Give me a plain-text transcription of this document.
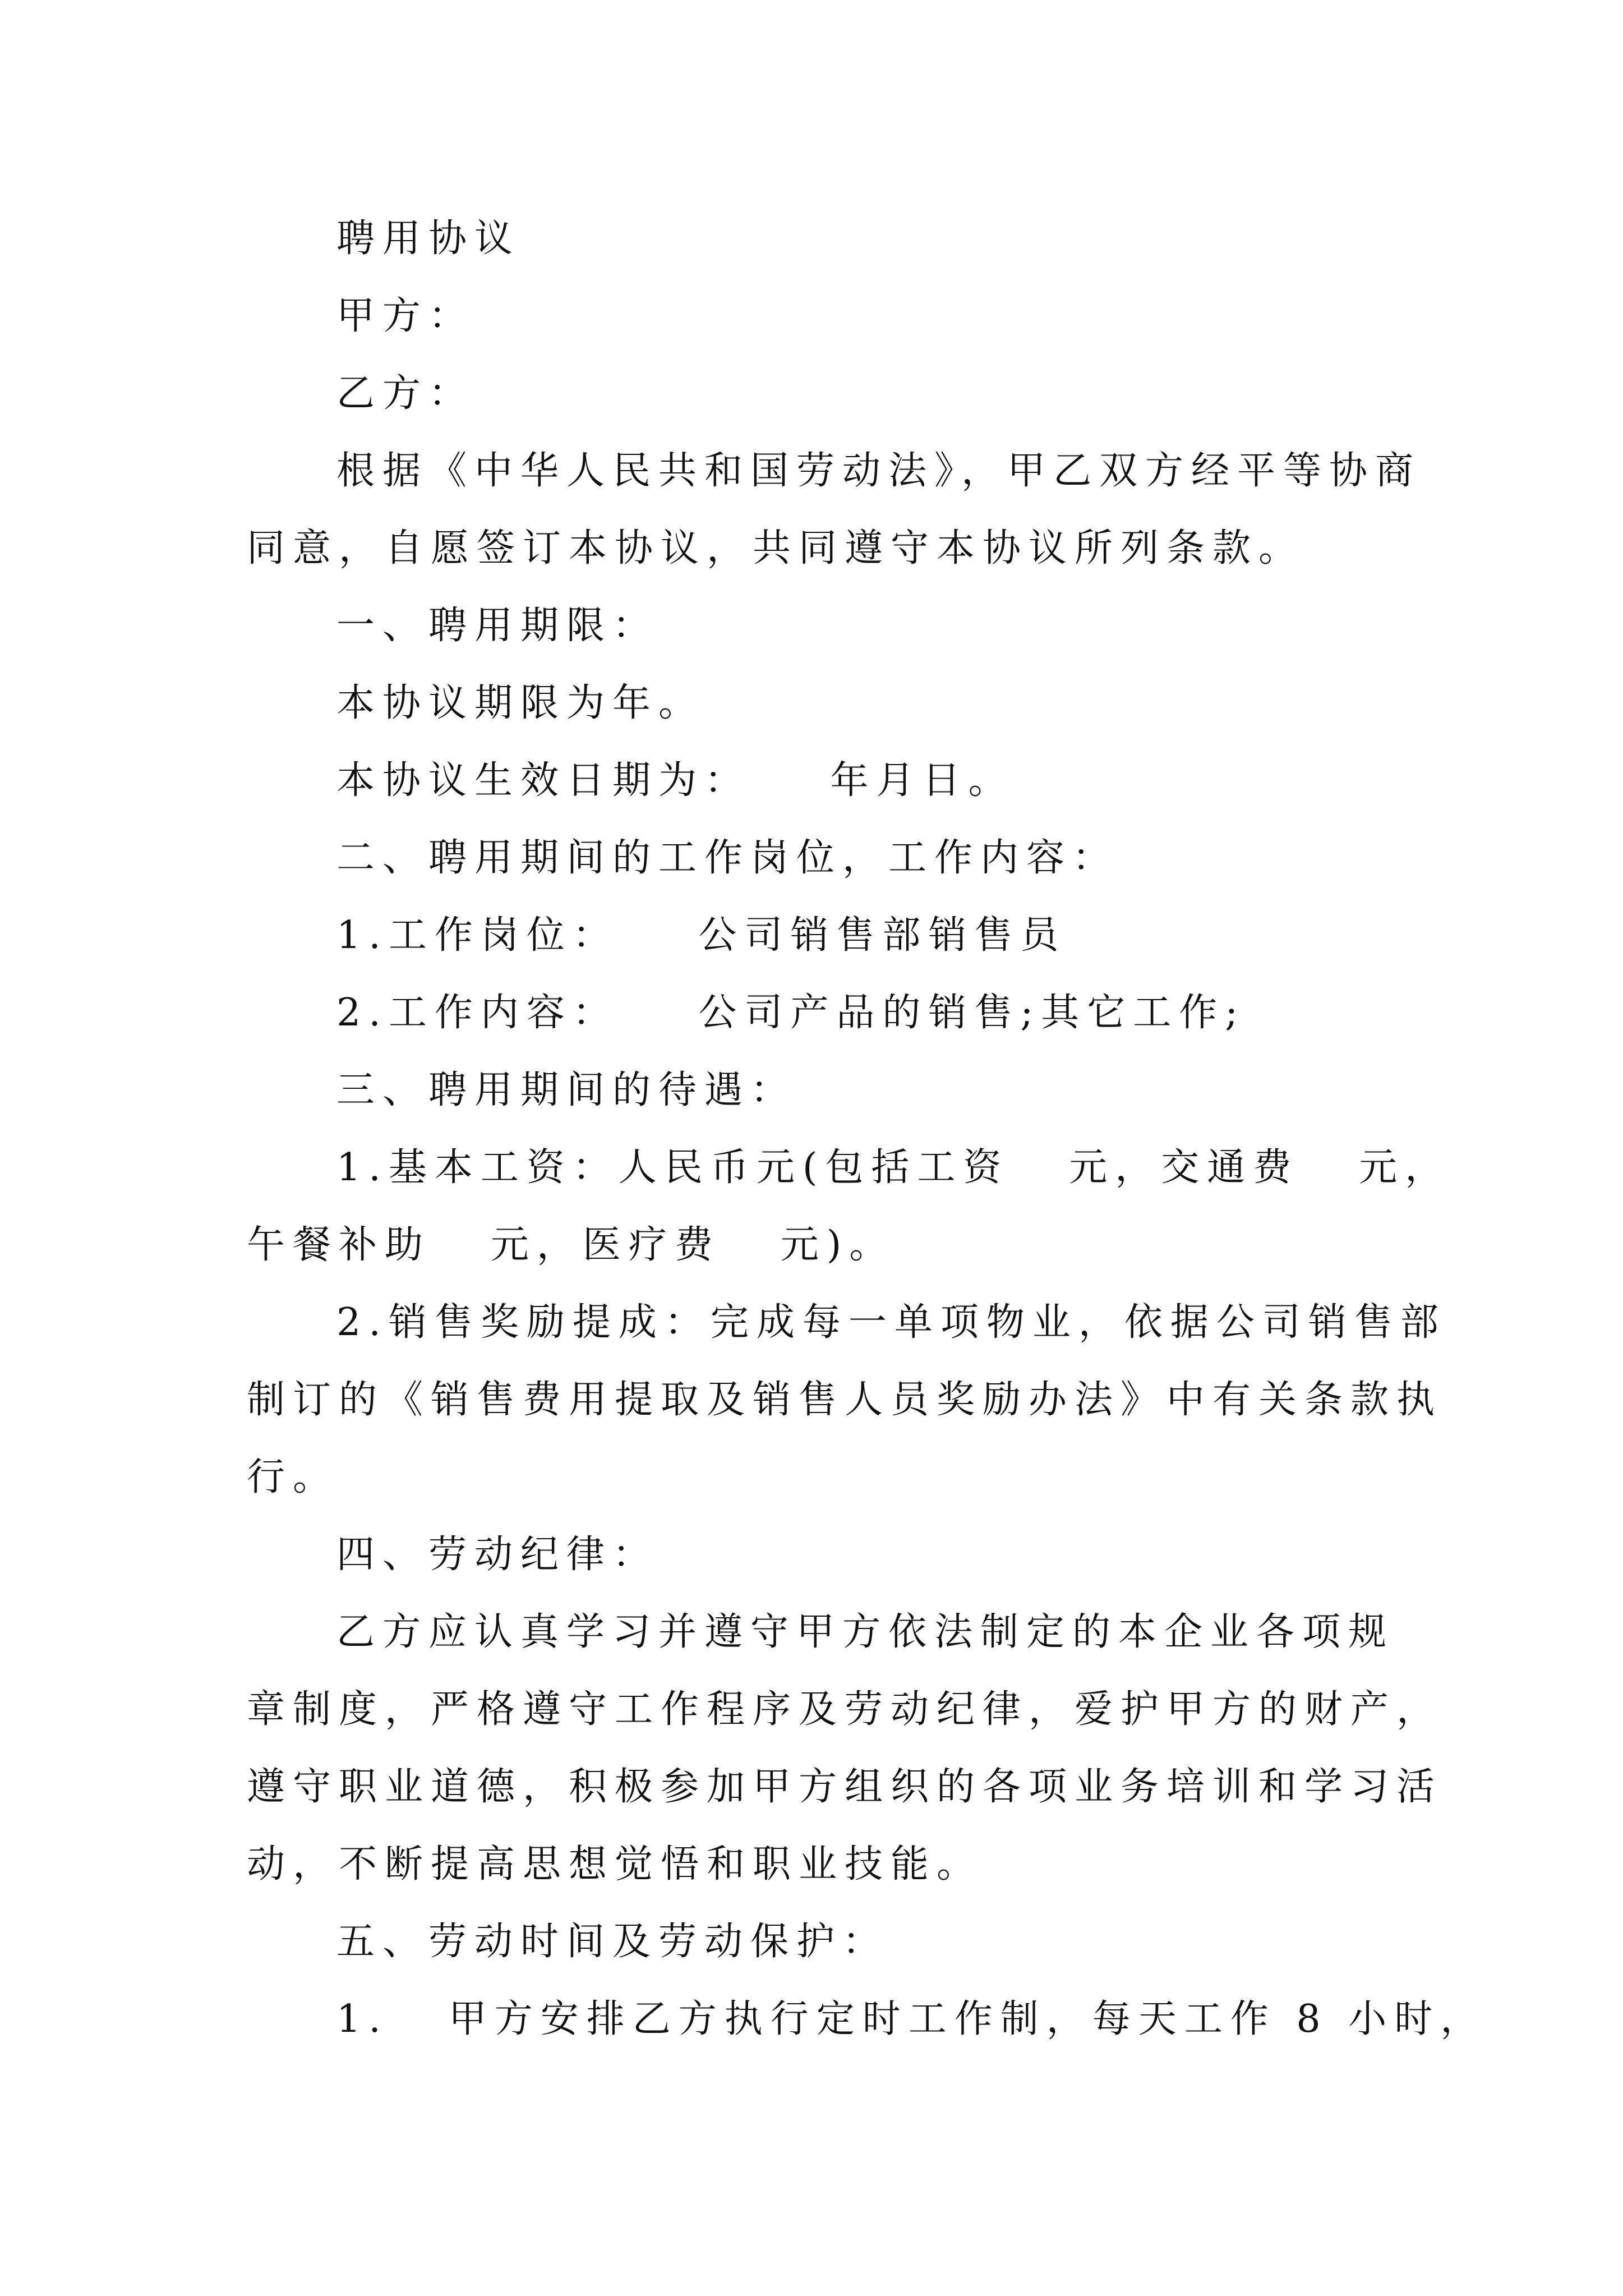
聘用协议
甲方：
乙方：
根据《中华人民共和国劳动法》，甲乙双方经平等协商
同意，自愿签订本协议，共同遵守本协议所列条款。
一、聘用期限：
本协议期限为年。
本协议生效日期为：    年月日。
二、聘用期间的工作岗位，工作内容：
1.工作岗位：    公司销售部销售员
2.工作内容：    公司产品的销售;其它工作;
三、聘用期间的待遇：
1.基本工资：人民币元(包括工资   元，交通费   元，
午餐补助   元，医疗费   元)。
2.销售奖励提成：完成每一单项物业，依据公司销售部
制订的《销售费用提取及销售人员奖励办法》中有关条款执
行。
四、劳动纪律：
乙方应认真学习并遵守甲方依法制定的本企业各项规
章制度，严格遵守工作程序及劳动纪律，爱护甲方的财产，
遵守职业道德，积极参加甲方组织的各项业务培训和学习活
动，不断提高思想觉悟和职业技能。
五、劳动时间及劳动保护：
1.   甲方安排乙方执行定时工作制，每天工作 8 小时，
